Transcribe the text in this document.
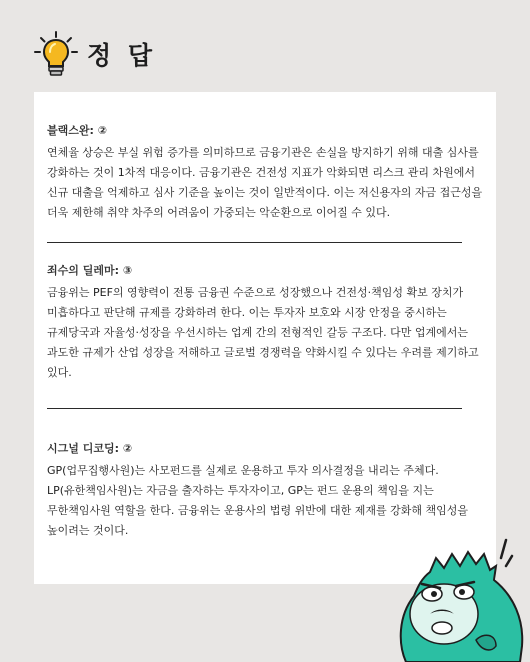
정 답
블랙스완: ②
연체율 상승은 부실 위험 증가를 의미하므로 금융기관은 손실을 방지하기 위해 대출 심사를 강화하는 것이 1차적 대응이다. 금융기관은 건전성 지표가 악화되면 리스크 관리 차원에서 신규 대출을 억제하고 심사 기준을 높이는 것이 일반적이다. 이는 저신용자의 자금 접근성을 더욱 제한해 취약 차주의 어려움이 가중되는 악순환으로 이어질 수 있다.
죄수의 딜레마: ③
금융위는 PEF의 영향력이 전통 금융권 수준으로 성장했으나 건전성·책임성 확보 장치가 미흡하다고 판단해 규제를 강화하려 한다. 이는 투자자 보호와 시장 안정을 중시하는 규제당국과 자율성·성장을 우선시하는 업계 간의 전형적인 갈등 구조다. 다만 업계에서는 과도한 규제가 산업 성장을 저해하고 글로벌 경쟁력을 약화시킬 수 있다는 우려를 제기하고 있다.
시그널 디코딩: ②
GP(업무집행사원)는 사모펀드를 실제로 운용하고 투자 의사결정을 내리는 주체다. LP(유한책임사원)는 자금을 출자하는 투자자이고, GP는 펀드 운용의 책임을 지는 무한책임사원 역할을 한다. 금융위는 운용사의 법령 위반에 대한 제재를 강화해 책임성을 높이려는 것이다.
